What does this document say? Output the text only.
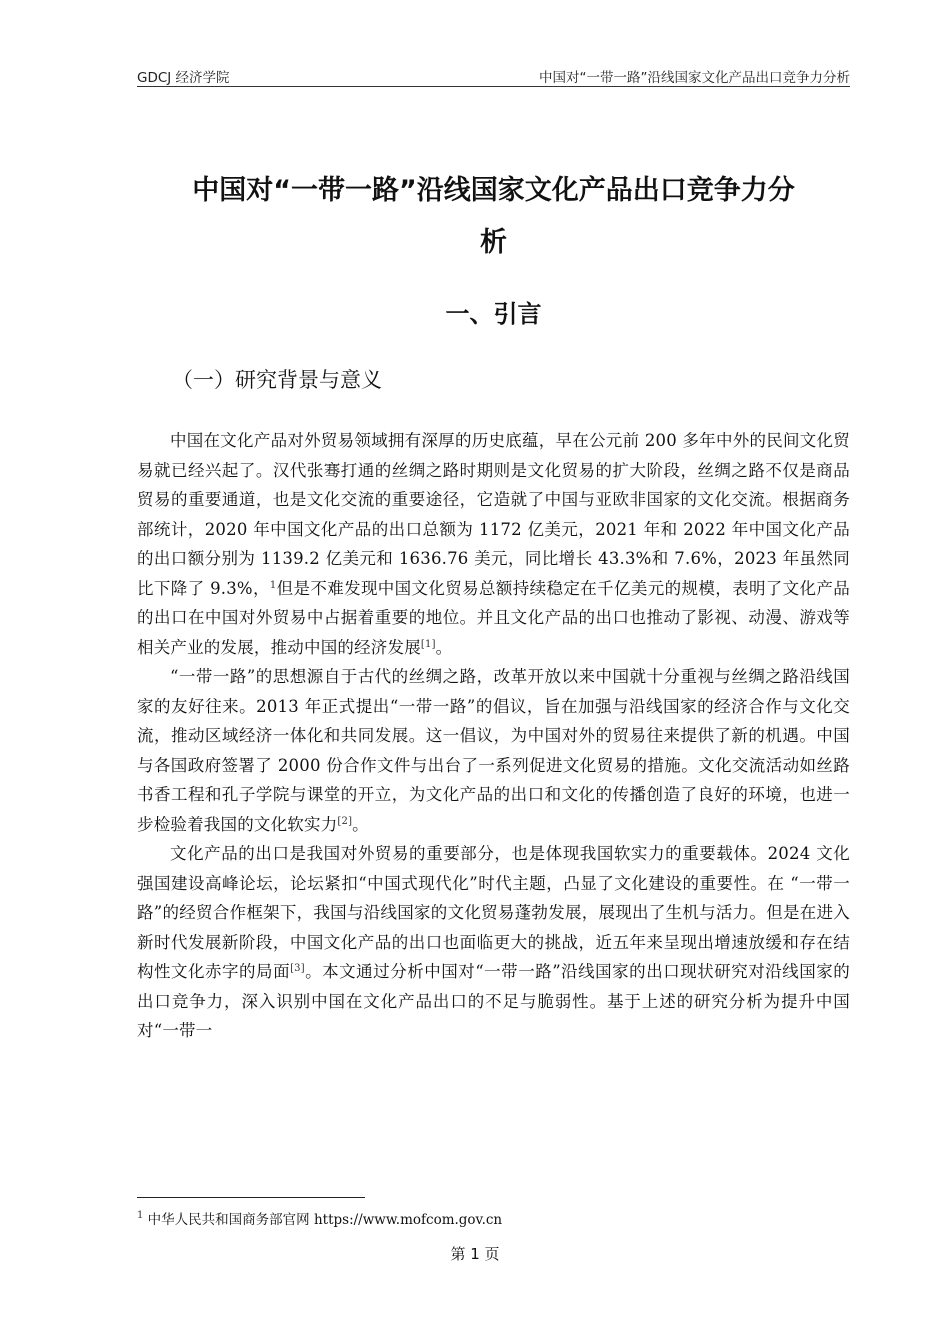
GDCJ 经济学院	中国对“一带一路”沿线国家文化产品出口竞争力分析
中国对“一带一路”沿线国家文化产品出口竞争力分
析
一、引言
（一）研究背景与意义

中国在文化产品对外贸易领域拥有深厚的历史底蕴，早在公元前 200 多年中外的民间文化贸易就已经兴起了。汉代张骞打通的丝绸之路时期则是文化贸易的扩大阶段，丝绸之路不仅是商品贸易的重要通道，也是文化交流的重要途径，它造就了中国与亚欧非国家的文化交流。根据商务部统计，2020 年中国文化产品的出口总额为 1172 亿美元，2021 年和 2022 年中国文化产品的出口额分别为 1139.2 亿美元和 1636.76 美元，同比增长 43.3%和 7.6%，2023 年虽然同比下降了 9.3%，$^1$但是不难发现中国文化贸易总额持续稳定在千亿美元的规模，表明了文化产品的出口在中国对外贸易中占据着重要的地位。并且文化产品的出口也推动了影视、动漫、游戏等相关产业的发展，推动中国的经济发展[1]。

“一带一路”的思想源自于古代的丝绸之路，改革开放以来中国就十分重视与丝绸之路沿线国家的友好往来。2013 年正式提出“一带一路”的倡议，旨在加强与沿线国家的经济合作与文化交流，推动区域经济一体化和共同发展。这一倡议，为中国对外的贸易往来提供了新的机遇。中国与各国政府签署了 2000 份合作文件与出台了一系列促进文化贸易的措施。文化交流活动如丝路书香工程和孔子学院与课堂的开立，为文化产品的出口和文化的传播创造了良好的环境，也进一步检验着我国的文化软实力[2]。

文化产品的出口是我国对外贸易的重要部分，也是体现我国软实力的重要载体。2024 文化强国建设高峰论坛，论坛紧扣“中国式现代化”时代主题，凸显了文化建设的重要性。在 “一带一路”的经贸合作框架下，我国与沿线国家的文化贸易蓬勃发展，展现出了生机与活力。但是在进入新时代发展新阶段，中国文化产品的出口也面临更大的挑战，近五年来呈现出增速放缓和存在结构性文化赤字的局面[3]。本文通过分析中国对“一带一路”沿线国家的出口现状研究对沿线国家的出口竞争力，深入识别中国在文化产品出口的不足与脆弱性。基于上述的研究分析为提升中国对“一带一

$^1$ 中华人民共和国商务部官网 https://www.mofcom.gov.cn
第 1 页
